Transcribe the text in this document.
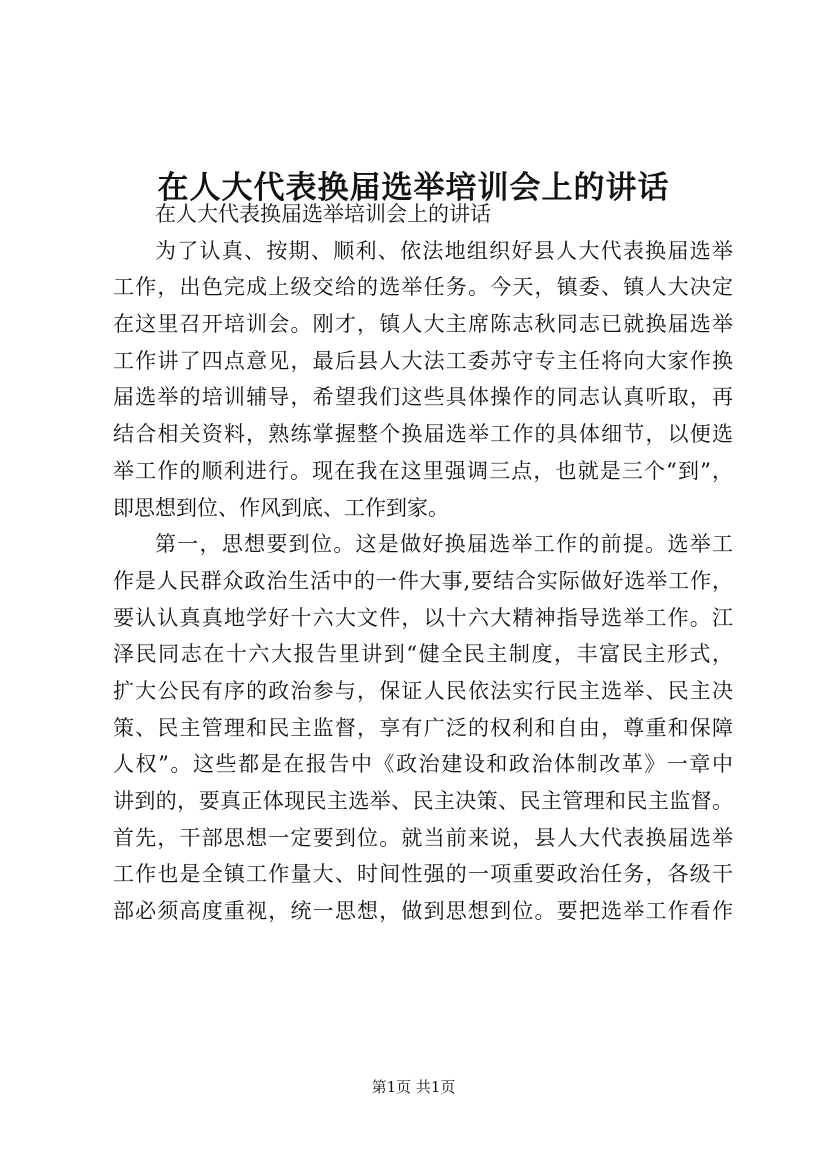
在人大代表换届选举培训会上的讲话
在人大代表换届选举培训会上的讲话
为了认真、按期、顺利、依法地组织好县人大代表换届选举
工作，出色完成上级交给的选举任务。今天，镇委、镇人大决定
在这里召开培训会。刚才，镇人大主席陈志秋同志已就换届选举
工作讲了四点意见，最后县人大法工委苏守专主任将向大家作换
届选举的培训辅导，希望我们这些具体操作的同志认真听取，再
结合相关资料，熟练掌握整个换届选举工作的具体细节，以便选
举工作的顺利进行。现在我在这里强调三点，也就是三个“到”，
即思想到位、作风到底、工作到家。
第一，思想要到位。这是做好换届选举工作的前提。选举工
作是人民群众政治生活中的一件大事,要结合实际做好选举工作，
要认认真真地学好十六大文件，以十六大精神指导选举工作。江
泽民同志在十六大报告里讲到“健全民主制度，丰富民主形式，
扩大公民有序的政治参与，保证人民依法实行民主选举、民主决
策、民主管理和民主监督，享有广泛的权利和自由，尊重和保障
人权”。这些都是在报告中《政治建设和政治体制改革》一章中
讲到的，要真正体现民主选举、民主决策、民主管理和民主监督。
首先，干部思想一定要到位。就当前来说，县人大代表换届选举
工作也是全镇工作量大、时间性强的一项重要政治任务，各级干
部必须高度重视，统一思想，做到思想到位。要把选举工作看作
第1页 共1页
